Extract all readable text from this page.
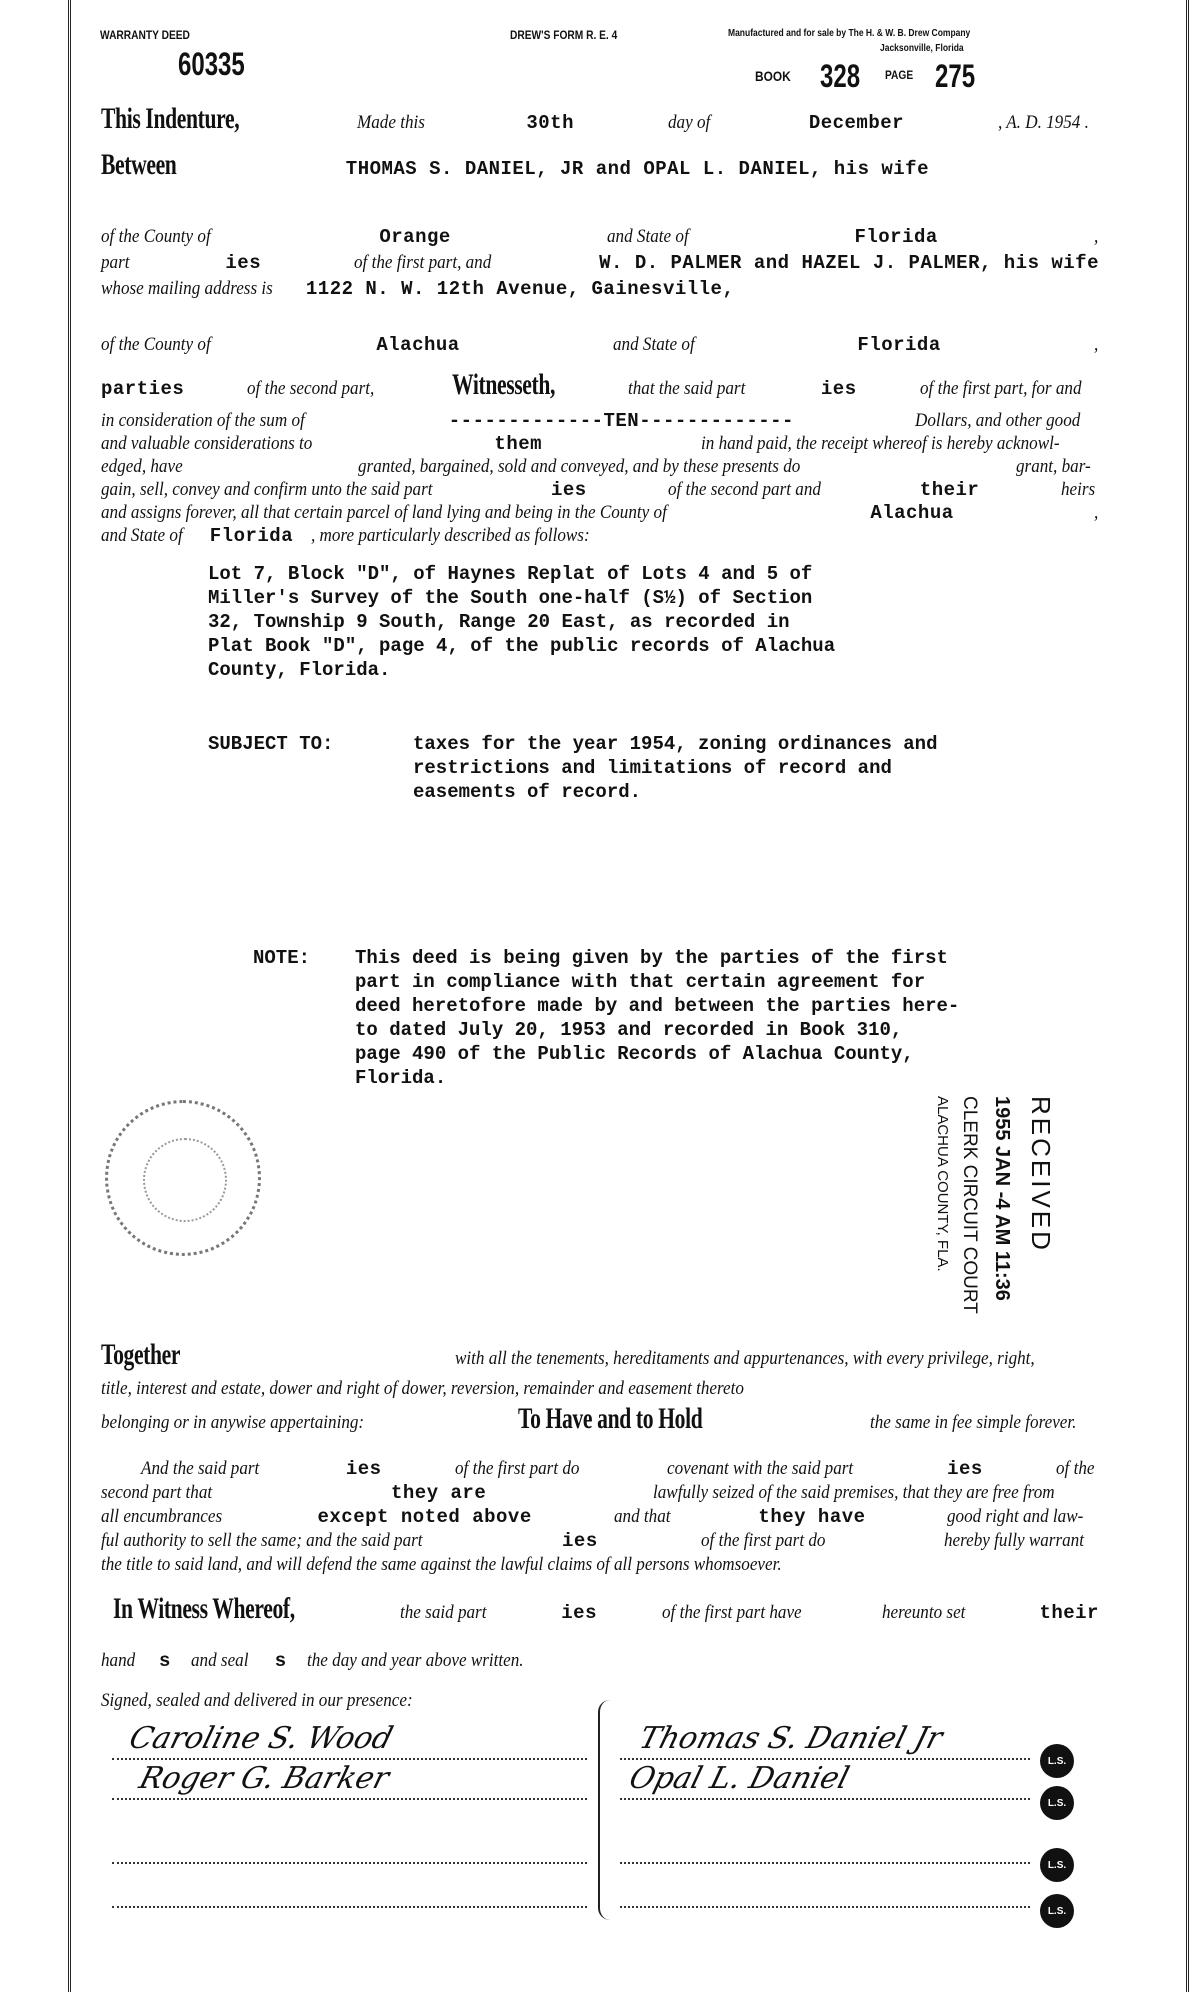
WARRANTY DEED
60335
DREW'S FORM R. E. 4	Manufactured and for sale by The H. & W. B. Drew Company
Jacksonville, Florida
BOOK 328 PAGE 275
This Indenture,	Made this	30th	day of	December	, A. D. 1954 .
Between	THOMAS S. DANIEL, JR and OPAL L. DANIEL, his wife
of the County of	Orange	and State of	Florida	,
part	ies	of the first part, and	W. D. PALMER and HAZEL J. PALMER, his wife
whose mailing address is 1122 N. W. 12th Avenue, Gainesville,
of the County of	Alachua	and State of	Florida	,
parties	of the second part,	Witnesseth,	that the said part	ies	of the first part, for and
in consideration of the sum of	-------------TEN-------------	Dollars, and other good
and valuable considerations to	them	in hand paid, the receipt whereof is hereby acknowl-
edged, have	granted, bargained, sold and conveyed, and by these presents do	grant, bar-
gain, sell, convey and confirm unto the said part	ies	of the second part and	their	heirs
and assigns forever, all that certain parcel of land lying and being in the County of	Alachua	,
and State of Florida , more particularly described as follows:
Together	with all the tenements, hereditaments and appurtenances, with every privilege, right,
title, interest and estate, dower and right of dower, reversion, remainder and easement thereto
belonging or in anywise appertaining:	To Have and to Hold	the same in fee simple forever.
And the said part	ies	of the first part do	covenant with the said part	ies	of the
second part that	they are	lawfully seized of the said premises, that they are free from
all encumbrances	except noted above	and that	they have	good right and law-
ful authority to sell the same; and the said part	ies	of the first part do	hereby fully warrant
the title to said land, and will defend the same against the lawful claims of all persons whomsoever.
In Witness Whereof,	the said part	ies	of the first part have	hereunto set	their
hand s and seal s the day and year above written.
Signed, sealed and delivered in our presence:
Lot 7, Block "D", of Haynes Replat of Lots 4 and 5 of
Miller's Survey of the South one-half (S½) of Section
32, Township 9 South, Range 20 East, as recorded in
Plat Book "D", page 4, of the public records of Alachua
County, Florida.
SUBJECT TO:	taxes for the year 1954, zoning ordinances and
restrictions and limitations of record and
easements of record.
NOTE: This deed is being given by the parties of the first
part in compliance with that certain agreement for
deed heretofore made by and between the parties here-
to dated July 20, 1953 and recorded in Book 310,
page 490 of the Public Records of Alachua County,
Florida.
RECEIVED
1955 JAN -4 AM 11:36
CLERK CIRCUIT COURT
ALACHUA COUNTY, FLA.
Caroline S. Wood
Roger G. Barker
Thomas S. Daniel Jr
Opal L. Daniel	L.S.
L.S.
L.S.
L.S.
